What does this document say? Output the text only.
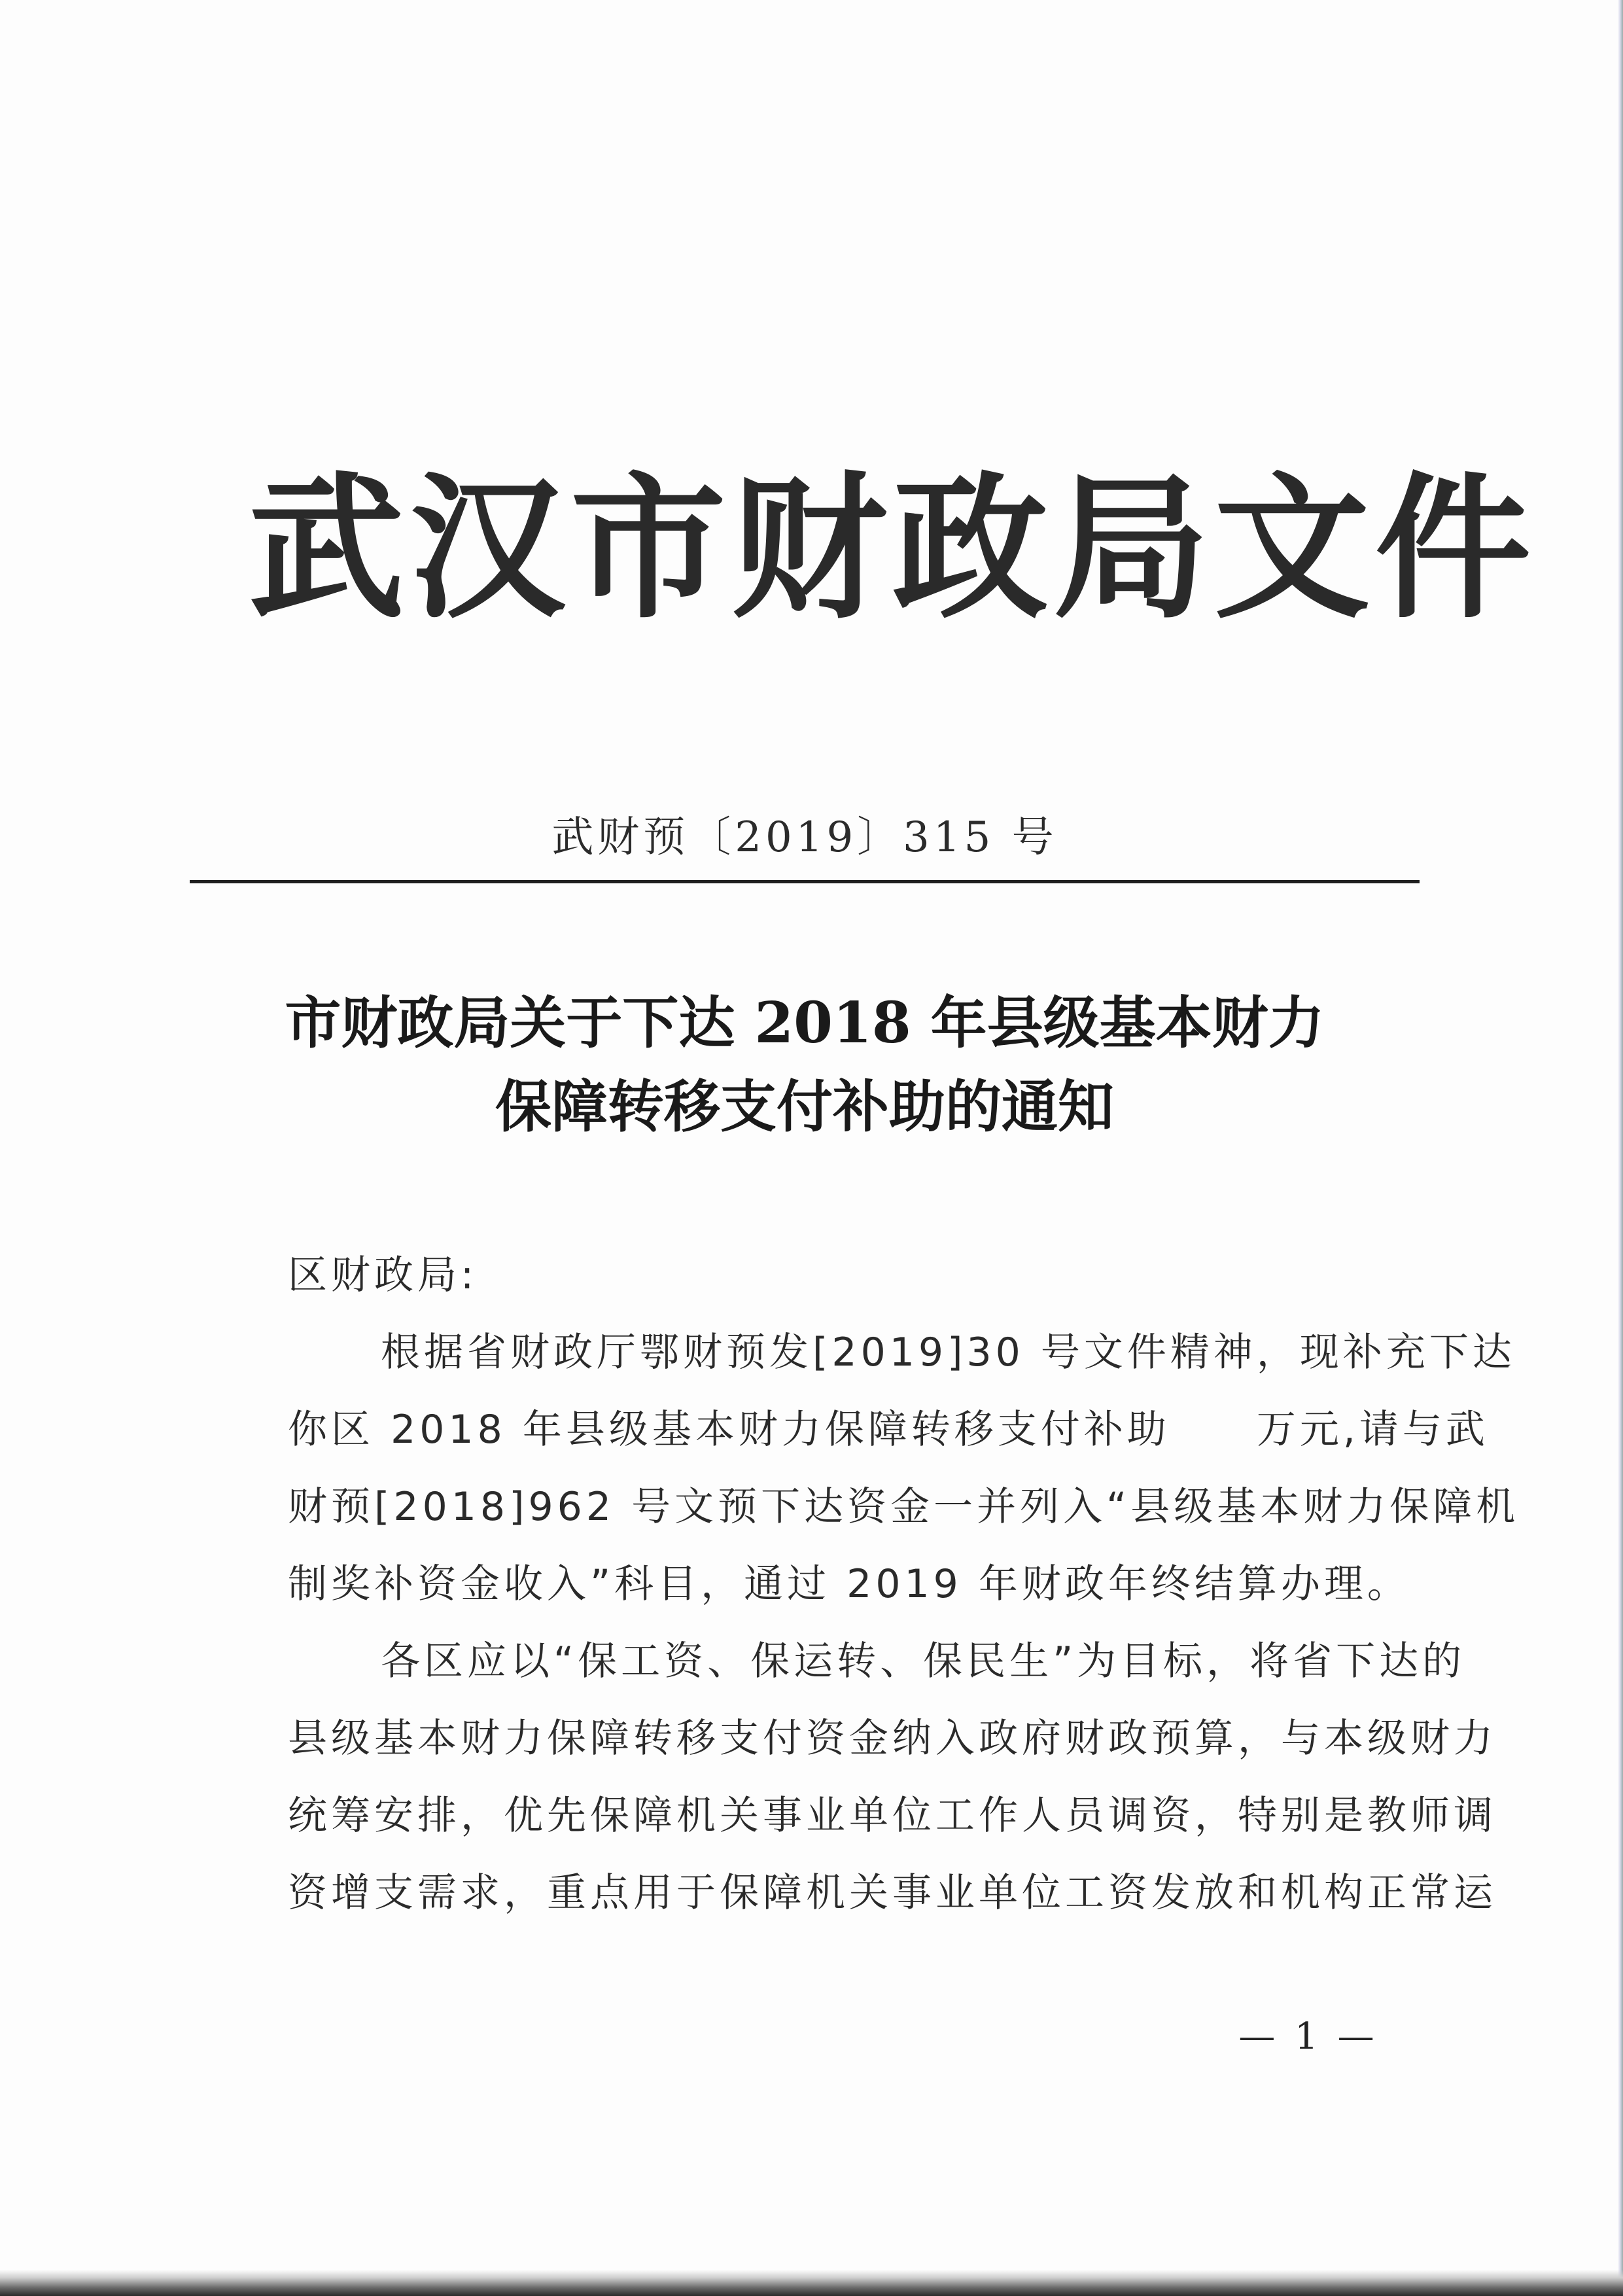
武汉市财政局文件
武财预〔2019〕315 号
市财政局关于下达 2018 年县级基本财力
保障转移支付补助的通知
区财政局:
根据省财政厅鄂财预发[2019]30 号文件精神，现补充下达
你区 2018 年县级基本财力保障转移支付补助　　万元,请与武
财预[2018]962 号文预下达资金一并列入“县级基本财力保障机
制奖补资金收入”科目，通过 2019 年财政年终结算办理。
各区应以“保工资、保运转、保民生”为目标，将省下达的
县级基本财力保障转移支付资金纳入政府财政预算，与本级财力
统筹安排，优先保障机关事业单位工作人员调资，特别是教师调
资增支需求，重点用于保障机关事业单位工资发放和机构正常运
— 1 —
